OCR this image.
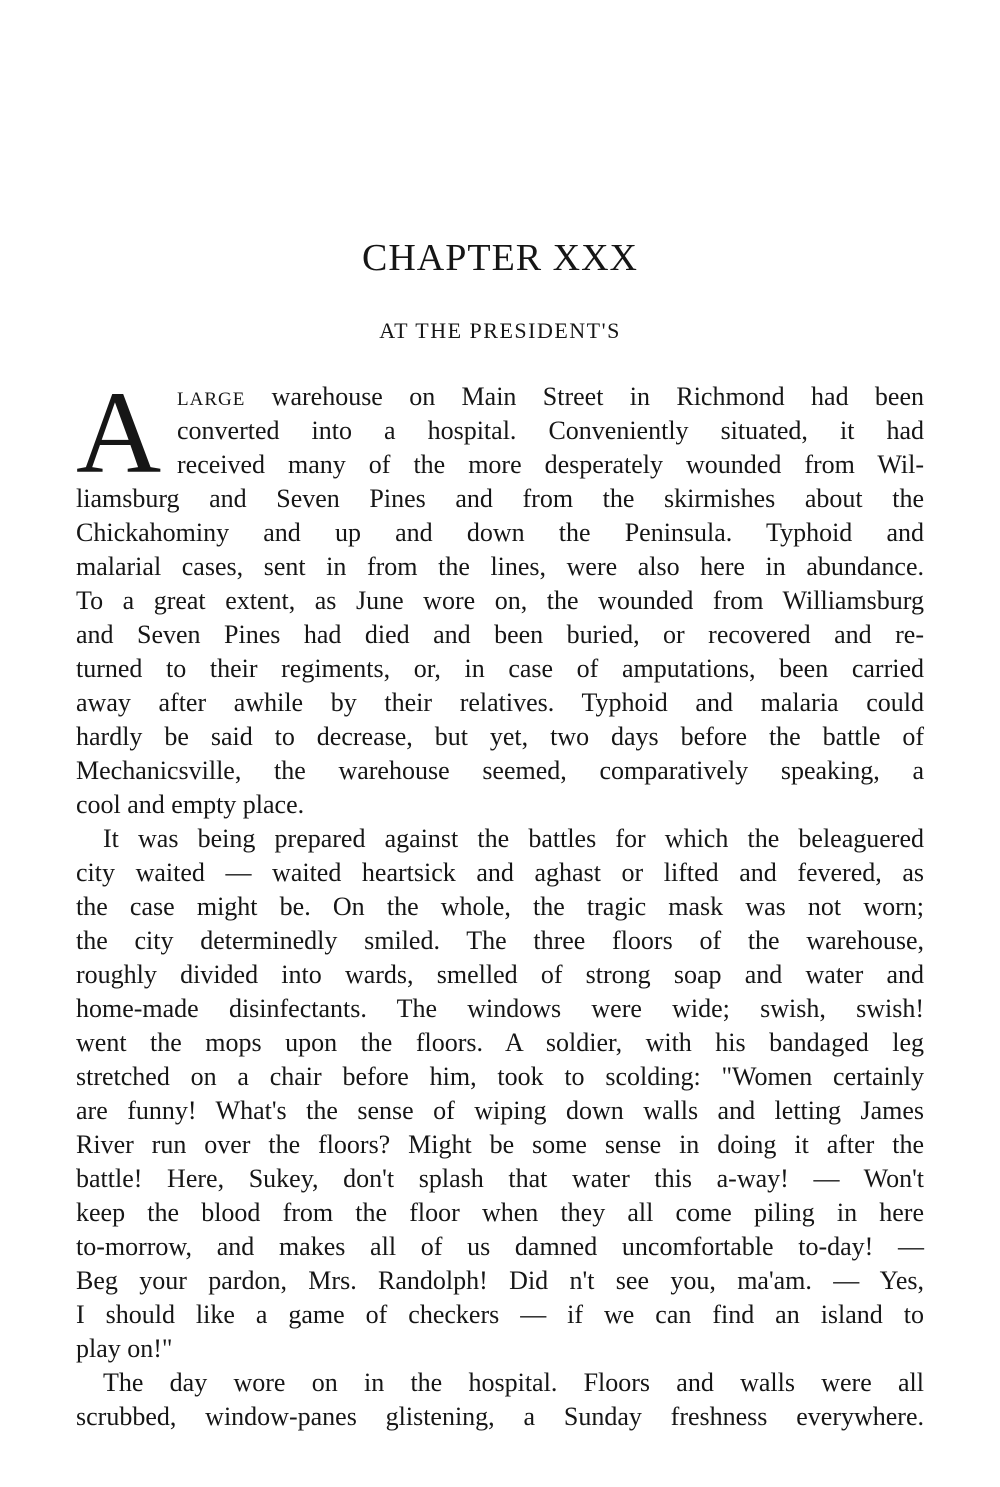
CHAPTER XXX
AT THE PRESIDENT'S
A LARGE warehouse on Main Street in Richmond had been
converted into a hospital. Conveniently situated, it had
received many of the more desperately wounded from Wil-
liamsburg and Seven Pines and from the skirmishes about the
Chickahominy and up and down the Peninsula. Typhoid and
malarial cases, sent in from the lines, were also here in abundance.
To a great extent, as June wore on, the wounded from Williamsburg
and Seven Pines had died and been buried, or recovered and re-
turned to their regiments, or, in case of amputations, been carried
away after awhile by their relatives. Typhoid and malaria could
hardly be said to decrease, but yet, two days before the battle of
Mechanicsville, the warehouse seemed, comparatively speaking, a
cool and empty place.
It was being prepared against the battles for which the beleaguered
city waited — waited heartsick and aghast or lifted and fevered, as
the case might be. On the whole, the tragic mask was not worn;
the city determinedly smiled. The three floors of the warehouse,
roughly divided into wards, smelled of strong soap and water and
home-made disinfectants. The windows were wide; swish, swish!
went the mops upon the floors. A soldier, with his bandaged leg
stretched on a chair before him, took to scolding: "Women certainly
are funny! What's the sense of wiping down walls and letting James
River run over the floors? Might be some sense in doing it after the
battle! Here, Sukey, don't splash that water this a-way! — Won't
keep the blood from the floor when they all come piling in here
to-morrow, and makes all of us damned uncomfortable to-day! —
Beg your pardon, Mrs. Randolph! Did n't see you, ma'am. — Yes,
I should like a game of checkers — if we can find an island to
play on!"
The day wore on in the hospital. Floors and walls were all
scrubbed, window-panes glistening, a Sunday freshness everywhere.
